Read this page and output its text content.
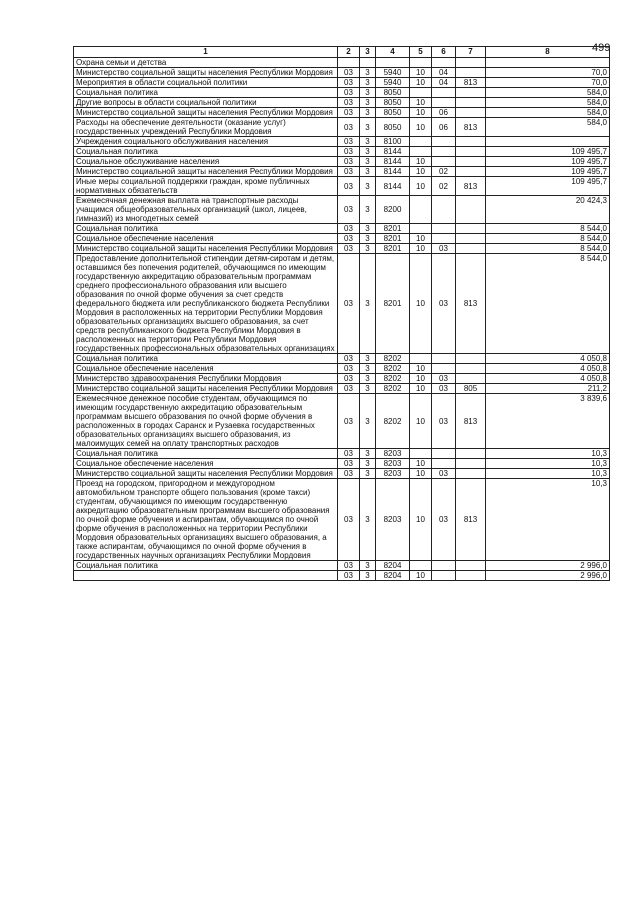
499
1	2	3	4	5	6	7	8
Охрана семьи и детства							
Министерство социальной защиты населения Республики Мордовия	03	3	5940	10	04		70,0
Мероприятия в области социальной политики	03	3	5940	10	04	813	70,0
Социальная политика	03	3	8050				584,0
Другие вопросы в области социальной политики	03	3	8050	10			584,0
Министерство социальной защиты населения Республики Мордовия	03	3	8050	10	06		584,0
Расходы на обеспечение деятельности (оказание услуг) государственных учреждений Республики Мордовия	03	3	8050	10	06	813	584,0
Учреждения социального обслуживания населения	03	3	8100				
Социальная политика	03	3	8144				109 495,7
Социальное обслуживание населения	03	3	8144	10			109 495,7
Министерство социальной защиты населения Республики Мордовия	03	3	8144	10	02		109 495,7
Иные меры социальной поддержки граждан, кроме публичных нормативных обязательств	03	3	8144	10	02	813	109 495,7
Ежемесячная денежная выплата на транспортные расходы учащимся общеобразовательных организаций (школ, лицеев, гимназий) из многодетных семей	03	3	8200				20 424,3
Социальная политика	03	3	8201				8 544,0
Социальное обеспечение населения	03	3	8201	10			8 544,0
Министерство социальной защиты населения Республики Мордовия	03	3	8201	10	03		8 544,0
Предоставление дополнительной стипендии детям-сиротам и детям, оставшимся без попечения родителей, обучающимся по имеющим государственную аккредитацию образовательным программам среднего профессионального образования или высшего образования по очной форме обучения за счет средств федерального бюджета или республиканского бюджета Республики Мордовия в расположенных на территории Республики Мордовия образовательных организациях высшего образования, за счет средств республиканского бюджета Республики Мордовия в расположенных на территории Республики Мордовия государственных профессиональных образовательных организациях	03	3	8201	10	03	813	8 544,0
Социальная политика	03	3	8202				4 050,8
Социальное обеспечение населения	03	3	8202	10			4 050,8
Министерство здравоохранения Республики Мордовия	03	3	8202	10	03		4 050,8
Министерство социальной защиты населения Республики Мордовия	03	3	8202	10	03	805	211,2
Ежемесячное денежное пособие студентам, обучающимся по имеющим государственную аккредитацию образовательным программам высшего образования по очной форме обучения в расположенных в городах Саранск и Рузаевка государственных образовательных организациях высшего образования, из малоимущих семей на оплату транспортных расходов	03	3	8202	10	03	813	3 839,6
Социальная политика	03	3	8203				10,3
Социальное обеспечение населения	03	3	8203	10			10,3
Министерство социальной защиты населения Республики Мордовия	03	3	8203	10	03		10,3
Проезд на городском, пригородном и междугородном автомобильном транспорте общего пользования (кроме такси) студентам, обучающимся по имеющим государственную аккредитацию образовательным программам высшего образования по очной форме обучения и аспирантам, обучающимся по очной форме обучения в расположенных на территории Республики Мордовия образовательных организациях высшего образования, а также аспирантам, обучающимся по очной форме обучения в государственных научных организациях Республики Мордовия	03	3	8203	10	03	813	10,3
Социальная политика	03	3	8204				2 996,0
	03	3	8204	10			2 996,0
